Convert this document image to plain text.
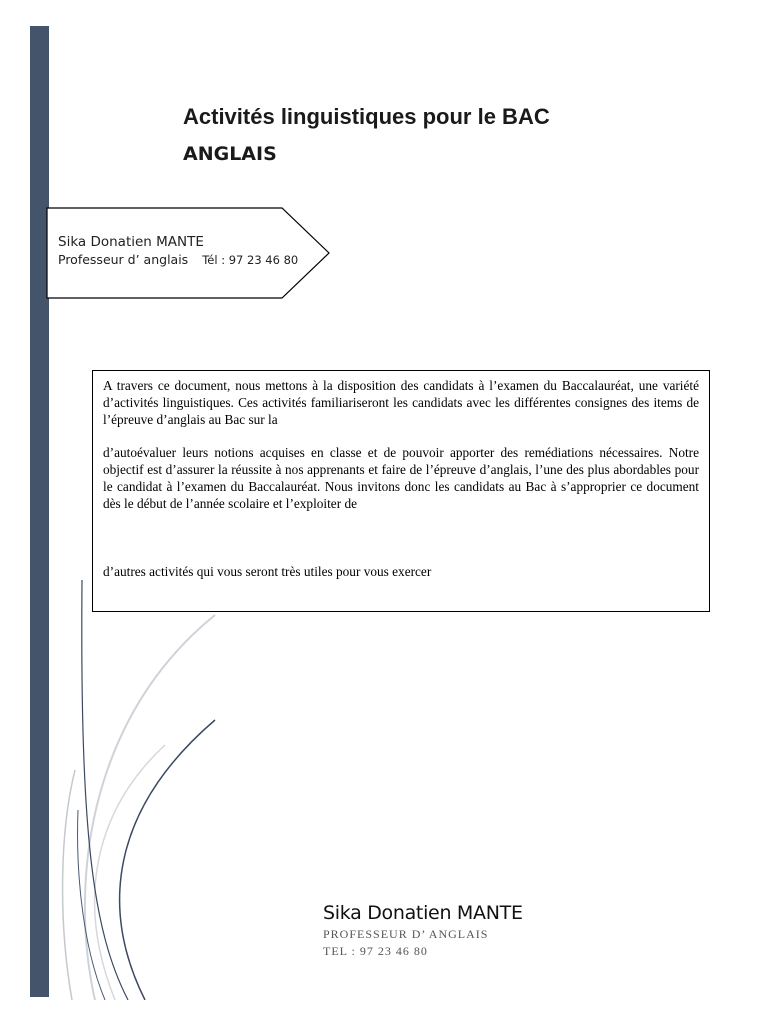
Activités linguistiques pour le BAC
ANGLAIS
Sika Donatien MANTE
Professeur d’ anglais Tél : 97 23 46 80

A travers ce document, nous mettons à la disposition des candidats à l’examen du Baccalauréat, une variété d’activités linguistiques. Ces activités familiariseront les candidats avec les différentes consignes des items de l’épreuve d’anglais au Bac sur la

d’autoévaluer leurs notions acquises en classe et de pouvoir apporter des remédiations nécessaires. Notre objectif est d’assurer la réussite à nos apprenants et faire de l’épreuve d’anglais, l’une des plus abordables pour le candidat à l’examen du Baccalauréat. Nous invitons donc les candidats au Bac à s’approprier ce document dès le début de l’année scolaire et l’exploiter de

d’autres activités qui vous seront très utiles pour vous exercer

Sika Donatien MANTE
PROFESSEUR D’ ANGLAIS
TEL : 97 23 46 80
